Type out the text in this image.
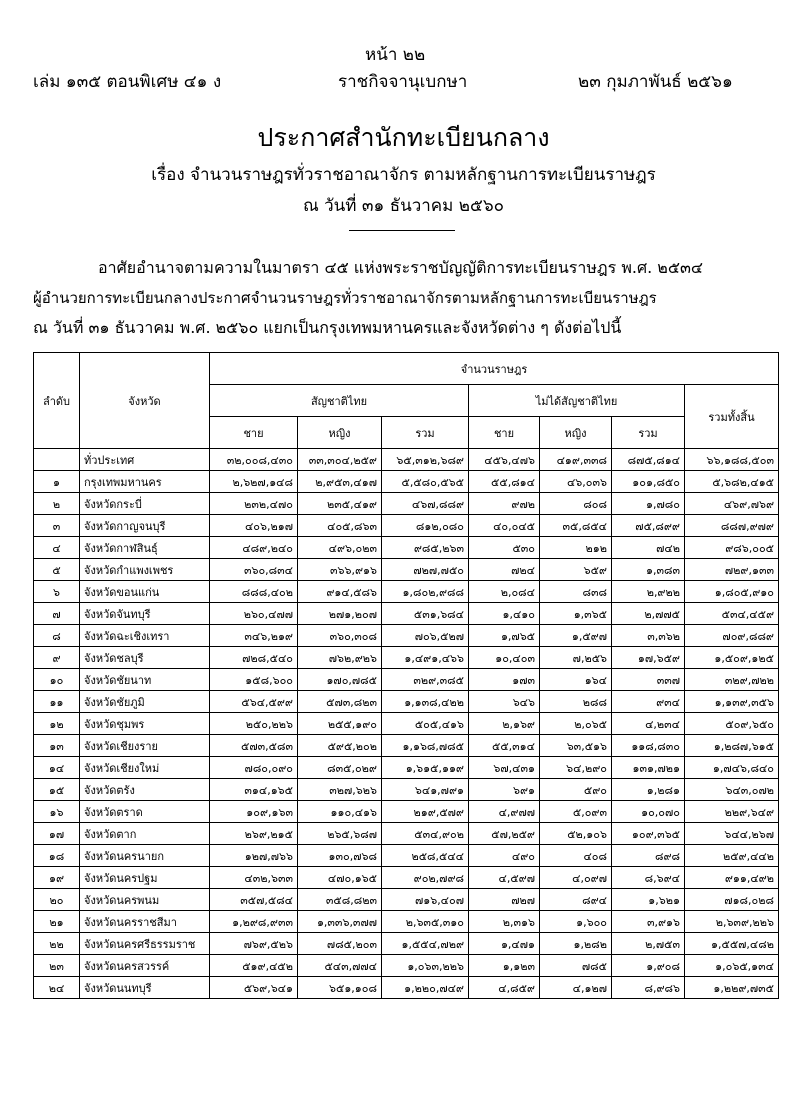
หน้า ๒๒
เล่ม ๑๓๕ ตอนพิเศษ ๔๑ ง	ราชกิจจานุเบกษา	๒๓ กุมภาพันธ์ ๒๕๖๑
ประกาศสำนักทะเบียนกลาง
เรื่อง จำนวนราษฎรทั่วราชอาณาจักร ตามหลักฐานการทะเบียนราษฎร
ณ วันที่ ๓๑ ธันวาคม ๒๕๖๐
อาศัยอำนาจตามความในมาตรา ๔๕ แห่งพระราชบัญญัติการทะเบียนราษฎร พ.ศ. ๒๕๓๔
ผู้อำนวยการทะเบียนกลางประกาศจำนวนราษฎรทั่วราชอาณาจักรตามหลักฐานการทะเบียนราษฎร
ณ วันที่ ๓๑ ธันวาคม พ.ศ. ๒๕๖๐ แยกเป็นกรุงเทพมหานครและจังหวัดต่าง ๆ ดังต่อไปนี้
ลำดับ	จังหวัด	จำนวนราษฎร						
		สัญชาติไทย			ไม่ได้สัญชาติไทย			รวมทั้งสิ้น
		ชาย	หญิง	รวม	ชาย	หญิง	รวม	
	ทั่วประเทศ	๓๒,๐๐๘,๔๓๐	๓๓,๓๐๔,๒๕๙	๖๕,๓๑๒,๖๘๙	๔๕๖,๔๗๖	๔๑๙,๓๓๘	๘๗๕,๘๑๔	๖๖,๑๘๘,๕๐๓
๑	กรุงเทพมหานคร	๒,๖๒๗,๑๔๘	๒,๙๕๓,๔๑๗	๕,๕๘๐,๕๖๕	๕๕,๘๑๔	๔๖,๐๓๖	๑๐๑,๘๕๐	๕,๖๘๒,๔๑๕
๒	จังหวัดกระบี่	๒๓๒,๔๗๐	๒๓๕,๔๑๙	๔๖๗,๘๘๙	๙๗๒	๘๐๘	๑,๗๘๐	๔๖๙,๗๖๙
๓	จังหวัดกาญจนบุรี	๔๐๖,๒๑๗	๔๐๕,๘๖๓	๘๑๒,๐๘๐	๔๐,๐๔๕	๓๕,๘๕๔	๗๕,๘๙๙	๘๘๗,๙๗๙
๔	จังหวัดกาฬสินธุ์	๔๘๙,๒๔๐	๔๙๖,๐๒๓	๙๘๕,๒๖๓	๕๓๐	๒๑๒	๗๔๒	๙๘๖,๐๐๕
๕	จังหวัดกำแพงเพชร	๓๖๐,๘๓๔	๓๖๖,๙๑๖	๗๒๗,๗๕๐	๗๒๔	๖๕๙	๑,๓๘๓	๗๒๙,๑๓๓
๖	จังหวัดขอนแก่น	๘๘๘,๔๐๒	๙๑๔,๕๘๖	๑,๘๐๒,๙๘๘	๒,๐๘๔	๘๓๘	๒,๙๒๒	๑,๘๐๕,๙๑๐
๗	จังหวัดจันทบุรี	๒๖๐,๔๗๗	๒๗๑,๒๐๗	๕๓๑,๖๘๔	๑,๔๑๐	๑,๓๖๕	๒,๗๗๕	๕๓๔,๔๕๙
๘	จังหวัดฉะเชิงเทรา	๓๔๖,๒๑๙	๓๖๐,๓๐๘	๗๐๖,๕๒๗	๑,๗๖๕	๑,๕๙๗	๓,๓๖๒	๗๐๙,๘๘๙
๙	จังหวัดชลบุรี	๗๒๘,๕๔๐	๗๖๒,๙๒๖	๑,๔๙๑,๔๖๖	๑๐,๔๐๓	๗,๒๕๖	๑๗,๖๕๙	๑,๕๐๙,๑๒๕
๑๐	จังหวัดชัยนาท	๑๕๘,๖๐๐	๑๗๐,๗๘๕	๓๒๙,๓๘๕	๑๗๓	๑๖๔	๓๓๗	๓๒๙,๗๒๒
๑๑	จังหวัดชัยภูมิ	๕๖๔,๕๙๙	๕๗๓,๘๒๓	๑,๑๓๘,๔๒๒	๖๔๖	๒๘๘	๙๓๔	๑,๑๓๙,๓๕๖
๑๒	จังหวัดชุมพร	๒๕๐,๒๒๖	๒๕๕,๑๙๐	๕๐๕,๔๑๖	๒,๑๖๙	๒,๐๖๕	๔,๒๓๔	๕๐๙,๖๕๐
๑๓	จังหวัดเชียงราย	๕๗๓,๕๘๓	๕๙๕,๒๐๒	๑,๑๖๘,๗๘๕	๕๕,๓๑๔	๖๓,๕๑๖	๑๑๘,๘๓๐	๑,๒๘๗,๖๑๕
๑๔	จังหวัดเชียงใหม่	๗๘๐,๐๙๐	๘๓๕,๐๒๙	๑,๖๑๕,๑๑๙	๖๗,๔๓๑	๖๔,๒๙๐	๑๓๑,๗๒๑	๑,๗๔๖,๘๔๐
๑๕	จังหวัดตรัง	๓๑๔,๑๖๕	๓๒๗,๖๒๖	๖๔๑,๗๙๑	๖๙๑	๕๙๐	๑,๒๘๑	๖๔๓,๐๗๒
๑๖	จังหวัดตราด	๑๐๙,๑๖๓	๑๑๐,๔๑๖	๒๑๙,๕๗๙	๔,๙๗๗	๕,๐๙๓	๑๐,๐๗๐	๒๒๙,๖๔๙
๑๗	จังหวัดตาก	๒๖๙,๒๑๕	๒๖๕,๖๘๗	๕๓๔,๙๐๒	๕๗,๒๕๙	๕๒,๑๐๖	๑๐๙,๓๖๕	๖๔๔,๒๖๗
๑๘	จังหวัดนครนายก	๑๒๗,๗๖๖	๑๓๐,๗๖๘	๒๕๘,๕๔๔	๔๙๐	๔๐๘	๘๙๘	๒๕๙,๔๔๒
๑๙	จังหวัดนครปฐม	๔๓๒,๖๓๓	๔๗๐,๑๖๕	๙๐๒,๗๙๘	๔,๕๙๗	๔,๐๙๗	๘,๖๙๔	๙๑๑,๔๙๒
๒๐	จังหวัดนครพนม	๓๕๗,๕๘๔	๓๕๘,๘๒๓	๗๑๖,๔๐๗	๗๒๗	๘๙๔	๑,๖๒๑	๗๑๘,๐๒๘
๒๑	จังหวัดนครราชสีมา	๑,๒๙๘,๙๓๓	๑,๓๓๖,๓๗๗	๒,๖๓๕,๓๑๐	๒,๓๑๖	๑,๖๐๐	๓,๙๑๖	๒,๖๓๙,๒๒๖
๒๒	จังหวัดนครศรีธรรมราช	๗๖๙,๕๒๖	๗๘๕,๒๐๓	๑,๕๕๔,๗๒๙	๑,๔๗๑	๑,๒๘๒	๒,๗๕๓	๑,๕๕๗,๔๘๒
๒๓	จังหวัดนครสวรรค์	๕๑๙,๔๕๒	๕๔๓,๗๗๔	๑,๐๖๓,๒๒๖	๑,๑๒๓	๗๘๕	๑,๙๐๘	๑,๐๖๕,๑๓๔
๒๔	จังหวัดนนทบุรี	๕๖๙,๖๔๑	๖๕๑,๑๐๘	๑,๒๒๐,๗๔๙	๔,๘๕๙	๔,๑๒๗	๘,๙๘๖	๑,๒๒๙,๗๓๕
